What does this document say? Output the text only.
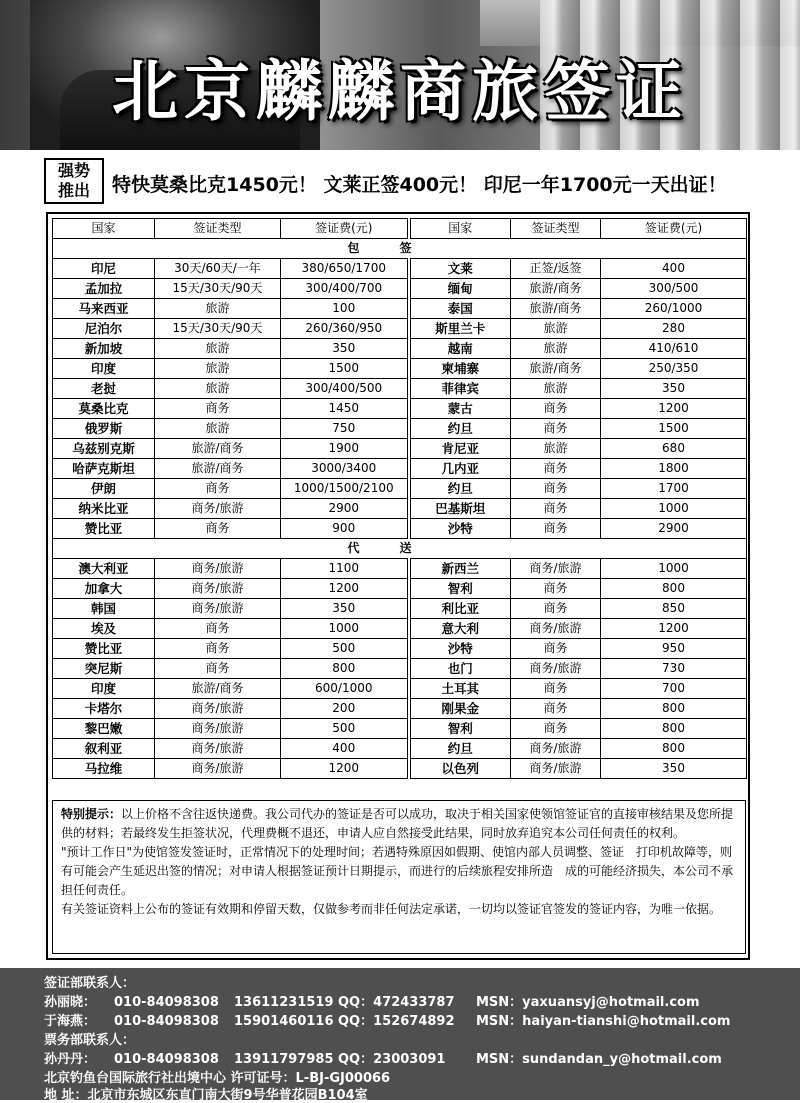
北京麟麟商旅签证
强势
推出	特快莫桑比克1450元！ 文莱正签400元！ 印尼一年1700元一天出证！
国家	签证类型	签证费(元)	国家	签证类型	签证费(元)
包签					
印尼	30天/60天/一年	380/650/1700	文莱	正签/返签	400
孟加拉	15天/30天/90天	300/400/700	缅甸	旅游/商务	300/500
马来西亚	旅游	100	泰国	旅游/商务	260/1000
尼泊尔	15天/30天/90天	260/360/950	斯里兰卡	旅游	280
新加坡	旅游	350	越南	旅游	410/610
印度	旅游	1500	柬埔寨	旅游/商务	250/350
老挝	旅游	300/400/500	菲律宾	旅游	350
莫桑比克	商务	1450	蒙古	商务	1200
俄罗斯	旅游	750	约旦	商务	1500
乌兹别克斯	旅游/商务	1900	肯尼亚	旅游	680
哈萨克斯坦	旅游/商务	3000/3400	几内亚	商务	1800
伊朗	商务	1000/1500/2100	约旦	商务	1700
纳米比亚	商务/旅游	2900	巴基斯坦	商务	1000
赞比亚	商务	900	沙特	商务	2900
代送					
澳大利亚	商务/旅游	1100	新西兰	商务/旅游	1000
加拿大	商务/旅游	1200	智利	商务	800
韩国	商务/旅游	350	利比亚	商务	850
埃及	商务	1000	意大利	商务/旅游	1200
赞比亚	商务	500	沙特	商务	950
突尼斯	商务	800	也门	商务/旅游	730
印度	旅游/商务	600/1000	土耳其	商务	700
卡塔尔	商务/旅游	200	刚果金	商务	800
黎巴嫩	商务/旅游	500	智利	商务	800
叙利亚	商务/旅游	400	约旦	商务/旅游	800
马拉维	商务/旅游	1200	以色列	商务/旅游	350

特别提示：以上价格不含往返快递费。我公司代办的签证是否可以成功，取决于相关国家使领馆签证官的直接审核结果及您所提供的材料；若最终发生拒签状况，代理费概不退还，申请人应自然接受此结果，同时放弃追究本公司任何责任的权利。

"预计工作日"为使馆签发签证时，正常情况下的处理时间；若遇特殊原因如假期、使馆内部人员调整、签证　打印机故障等，则有可能会产生延迟出签的情况；对申请人根据签证预计日期提示，而进行的后续旅程安排所造　成的可能经济损失，本公司不承担任何责任。

有关签证资料上公布的签证有效期和停留天数，仅做参考而非任何法定承诺，一切均以签证官签发的签证内容，为唯一依据。

签证部联系人：
孙丽晓： 010-84098308 13611231519 QQ：472433787 MSN：yaxuansyj@hotmail.com
于海燕： 010-84098308 15901460116 QQ：152674892 MSN：haiyan-tianshi@hotmail.com
票务部联系人：
孙丹丹： 010-84098308 13911797985 QQ：23003091 MSN：sundandan_y@hotmail.com
北京钓鱼台国际旅行社出境中心 许可证号：L-BJ-GJ00066
地 址：北京市东城区东直门南大街9号华普花园B104室
